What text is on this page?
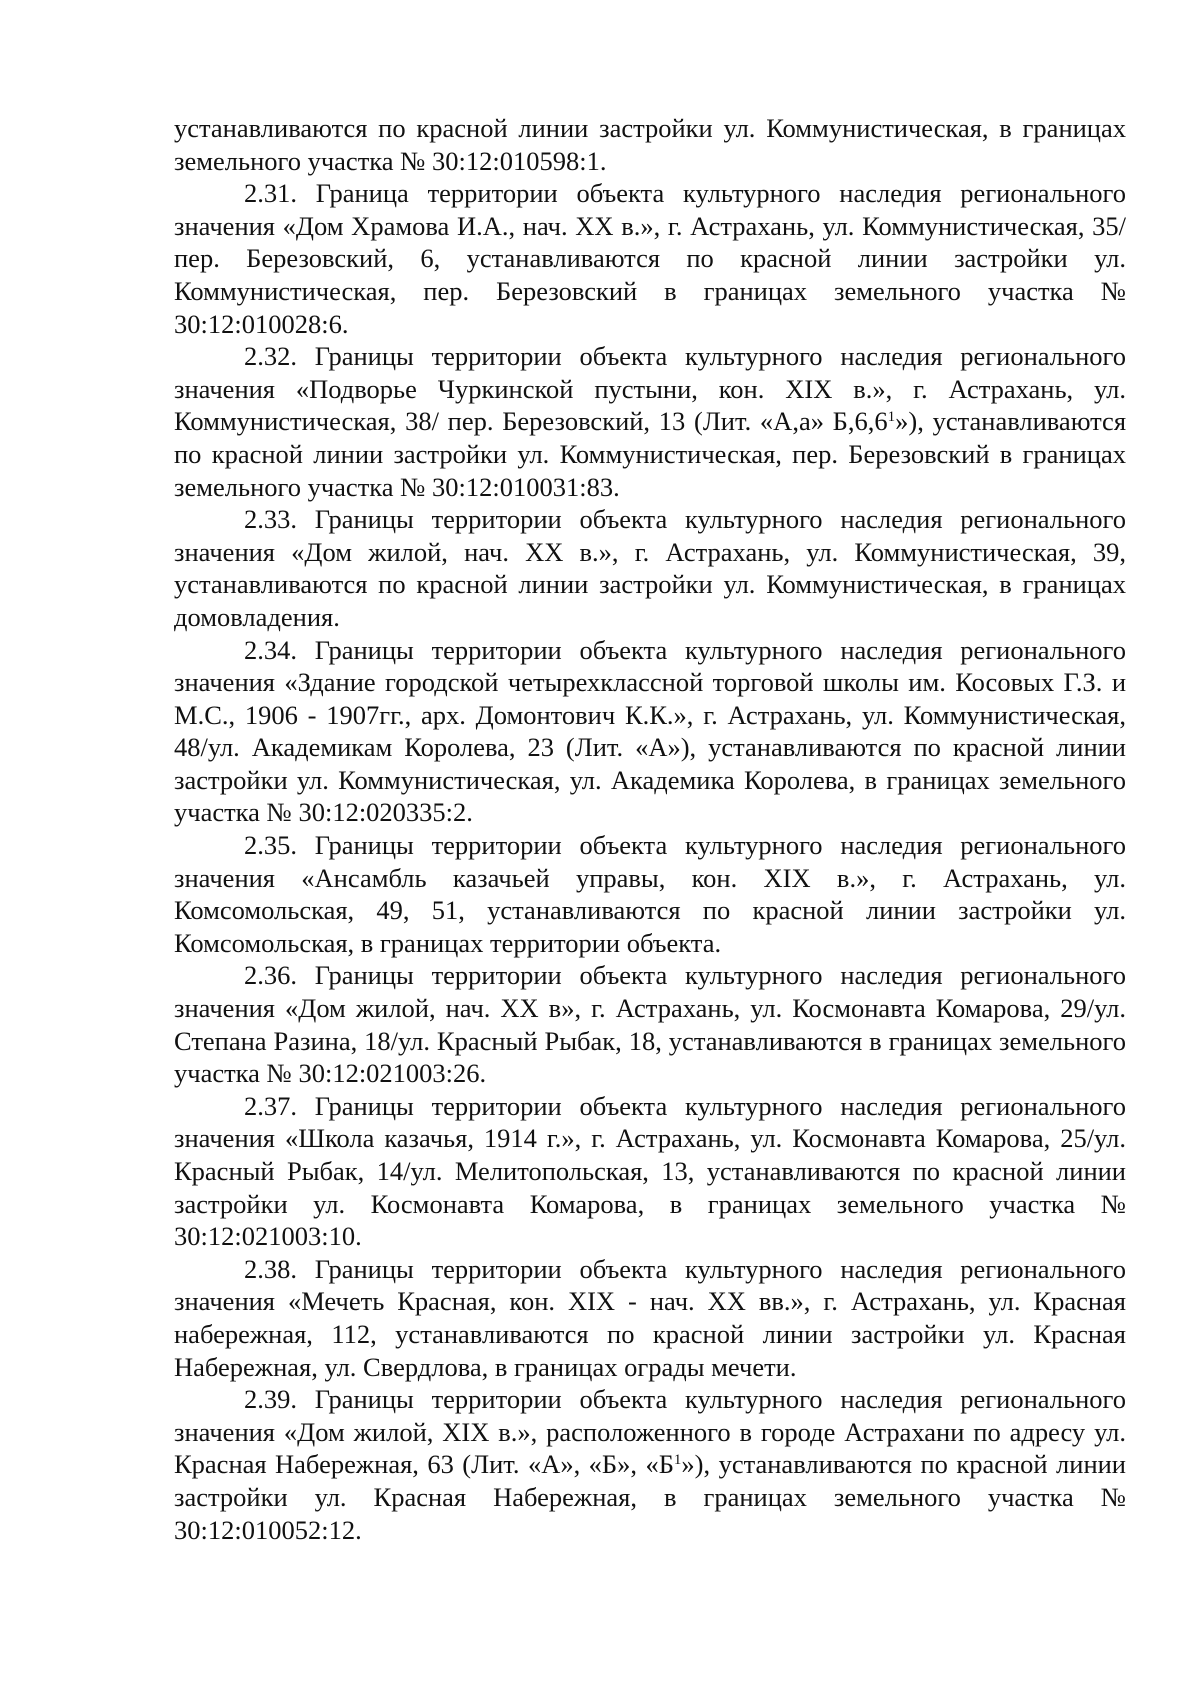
устанавливаются по красной линии застройки ул. Коммунистическая, в границах земельного участка № 30:12:010598:1.

2.31. Граница территории объекта культурного наследия регионального значения «Дом Храмова И.А., нач. XX в.», г. Астрахань, ул. Коммунистическая, 35/пер. Березовский, 6, устанавливаются по красной линии застройки ул. Коммунистическая, пер. Березовский в границах земельного участка № 30:12:010028:6.

2.32. Границы территории объекта культурного наследия регионального значения «Подворье Чуркинской пустыни, кон. XIX в.», г. Астрахань, ул. Коммунистическая, 38/ пер. Березовский, 13 (Лит. «А,а» Б,6,6$^1$»), устанавливаются по красной линии застройки ул. Коммунистическая, пер. Березовский в границах земельного участка № 30:12:010031:83.

2.33. Границы территории объекта культурного наследия регионального значения «Дом жилой, нач. XX в.», г. Астрахань, ул. Коммунистическая, 39, устанавливаются по красной линии застройки ул. Коммунистическая, в границах домовладения.

2.34. Границы территории объекта культурного наследия регионального значения «Здание городской четырехклассной торговой школы им. Косовых Г.З. и М.С., 1906 - 1907гг., арх. Домонтович К.К.», г. Астрахань, ул. Коммунистическая, 48/ул. Академикам Королева, 23 (Лит. «А»), устанавливаются по красной линии застройки ул. Коммунистическая, ул. Академика Королева, в границах земельного участка № 30:12:020335:2.

2.35. Границы территории объекта культурного наследия регионального значения «Ансамбль казачьей управы, кон. XIX в.», г. Астрахань, ул. Комсомольская, 49, 51, устанавливаются по красной линии застройки ул. Комсомольская, в границах территории объекта.

2.36. Границы территории объекта культурного наследия регионального значения «Дом жилой, нач. XX в», г. Астрахань, ул. Космонавта Комарова, 29/ул. Степана Разина, 18/ул. Красный Рыбак, 18, устанавливаются в границах земельного участка № 30:12:021003:26.

2.37. Границы территории объекта культурного наследия регионального значения «Школа казачья, 1914 г.», г. Астрахань, ул. Космонавта Комарова, 25/ул. Красный Рыбак, 14/ул. Мелитопольская, 13, устанавливаются по красной линии застройки ул. Космонавта Комарова, в границах земельного участка № 30:12:021003:10.

2.38. Границы территории объекта культурного наследия регионального значения «Мечеть Красная, кон. XIX - нач. XX вв.», г. Астрахань, ул. Красная набережная, 112, устанавливаются по красной линии застройки ул. Красная Набережная, ул. Свердлова, в границах ограды мечети.

2.39. Границы территории объекта культурного наследия регионального значения «Дом жилой, XIX в.», расположенного в городе Астрахани по адресу ул. Красная Набережная, 63 (Лит. «А», «Б», «$Б^1$»), устанавливаются по красной линии застройки ул. Красная Набережная, в границах земельного участка № 30:12:010052:12.
